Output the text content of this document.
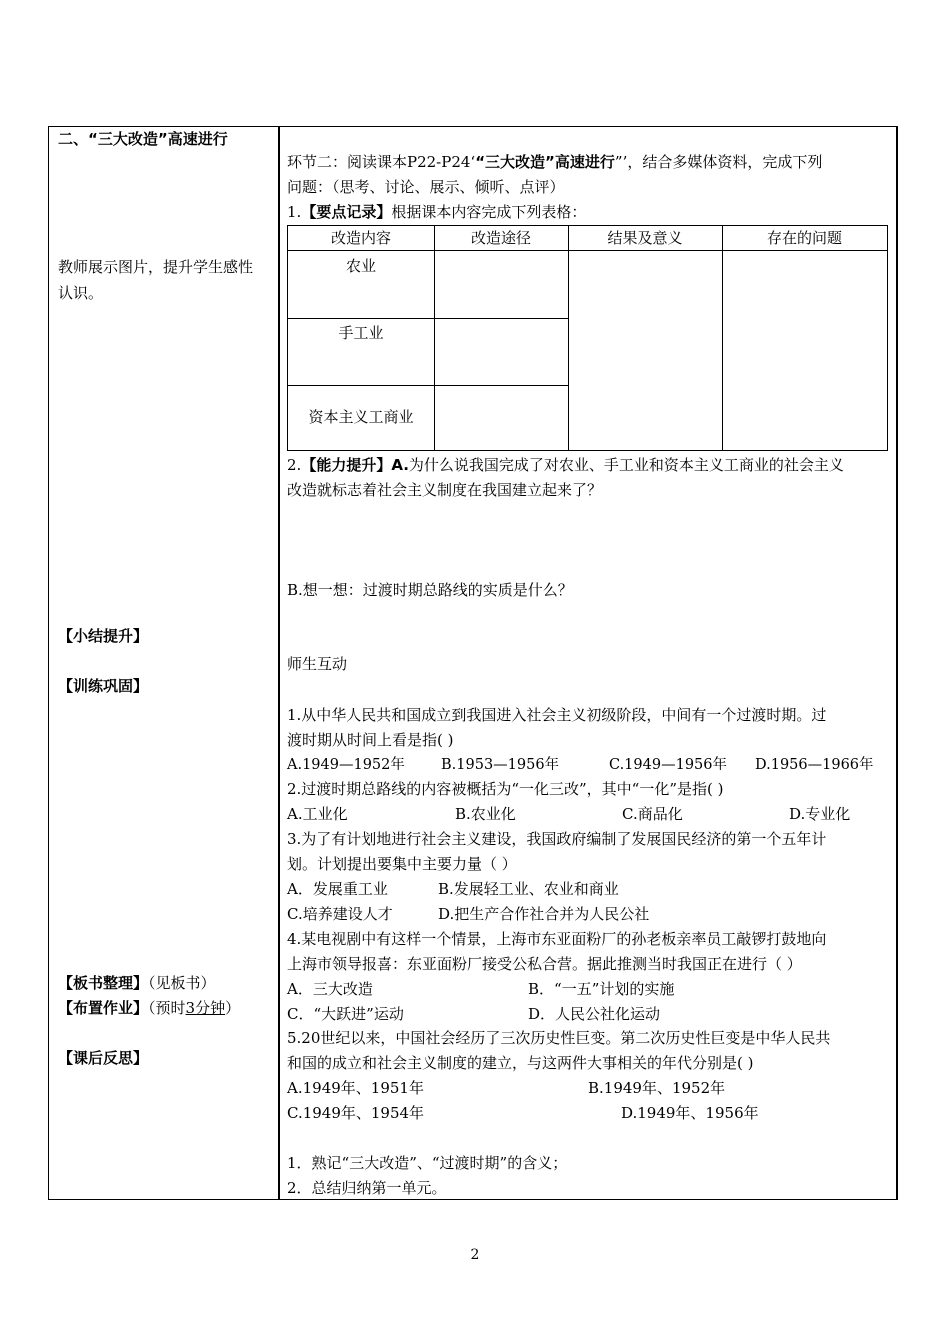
二、“三大改造”高速进行
教师展示图片，提升学生感性
认识。
【小结提升】
【训练巩固】
【板书整理】（见板书）
【布置作业】（预时3分钟）
【课后反思】
环节二：阅读课本P22-P24‘“三大改造”高速进行”’，结合多媒体资料，完成下列
问题：（思考、讨论、展示、倾听、点评）
1.【要点记录】根据课本内容完成下列表格：
改造内容	改造途径	结果及意义	存在的问题
农业
手工业
资本主义工商业
2.【能力提升】A.为什么说我国完成了对农业、手工业和资本主义工商业的社会主义
改造就标志着社会主义制度在我国建立起来了？
B.想一想：过渡时期总路线的实质是什么？
师生互动
1.从中华人民共和国成立到我国进入社会主义初级阶段，中间有一个过渡时期。过
渡时期从时间上看是指( )
A.1949—1952年 B.1953—1956年	C.1949—1956年 D.1956—1966年
2.过渡时期总路线的内容被概括为“一化三改”，其中“一化”是指( )
A.工业化	B.农业化	C.商品化	D.专业化
3.为了有计划地进行社会主义建设，我国政府编制了发展国民经济的第一个五年计
划。计划提出要集中主要力量（ ）
A．发展重工业	B.发展轻工业、农业和商业
C.培养建设人才	D.把生产合作社合并为人民公社
4.某电视剧中有这样一个情景，上海市东亚面粉厂的孙老板亲率员工敲锣打鼓地向
上海市领导报喜：东亚面粉厂接受公私合营。据此推测当时我国正在进行（ ）
A．三大改造	B．“一五”计划的实施
C．“大跃进”运动	D．人民公社化运动
5.20世纪以来，中国社会经历了三次历史性巨变。第二次历史性巨变是中华人民共
和国的成立和社会主义制度的建立，与这两件大事相关的年代分别是( )
A.1949年、1951年	B.1949年、1952年
C.1949年、1954年	D.1949年、1956年
1．熟记“三大改造”、“过渡时期”的含义；
2．总结归纳第一单元。
2
